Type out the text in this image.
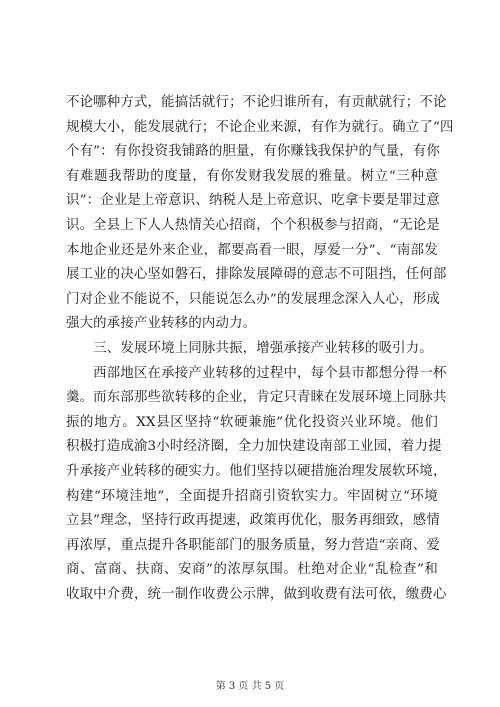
不论哪种方式，能搞活就行；不论归谁所有，有贡献就行；不论
规模大小，能发展就行；不论企业来源，有作为就行。确立了“四
个有”：有你投资我铺路的胆量，有你赚钱我保护的气量，有你
有难题我帮助的度量，有你发财我发展的雅量。树立“三种意
识”：企业是上帝意识、纳税人是上帝意识、吃拿卡要是罪过意
识。全县上下人人热情关心招商，个个积极参与招商，“无论是
本地企业还是外来企业，都要高看一眼，厚爱一分”、“南部发
展工业的决心坚如磐石，排除发展障碍的意志不可阻挡，任何部
门对企业不能说不，只能说怎么办”的发展理念深入人心，形成
强大的承接产业转移的内动力。
　　三、发展环境上同脉共振，增强承接产业转移的吸引力。
　　西部地区在承接产业转移的过程中，每个县市都想分得一杯
羹。而东部那些欲转移的企业，肯定只青睐在发展环境上同脉共
振的地方。XX县区坚持“软硬兼施”优化投资兴业环境。他们
积极打造成渝3小时经济圈，全力加快建设南部工业园，着力提
升承接产业转移的硬实力。他们坚持以硬措施治理发展软环境，
构建“环境洼地”，全面提升招商引资软实力。牢固树立“环境
立县”理念，坚持行政再提速，政策再优化，服务再细致，感情
再浓厚，重点提升各职能部门的服务质量，努力营造“亲商、爱
商、富商、扶商、安商”的浓厚氛围。杜绝对企业“乱检查”和
收取中介费，统一制作收费公示牌，做到收费有法可依，缴费心
第 3 页 共 5 页
